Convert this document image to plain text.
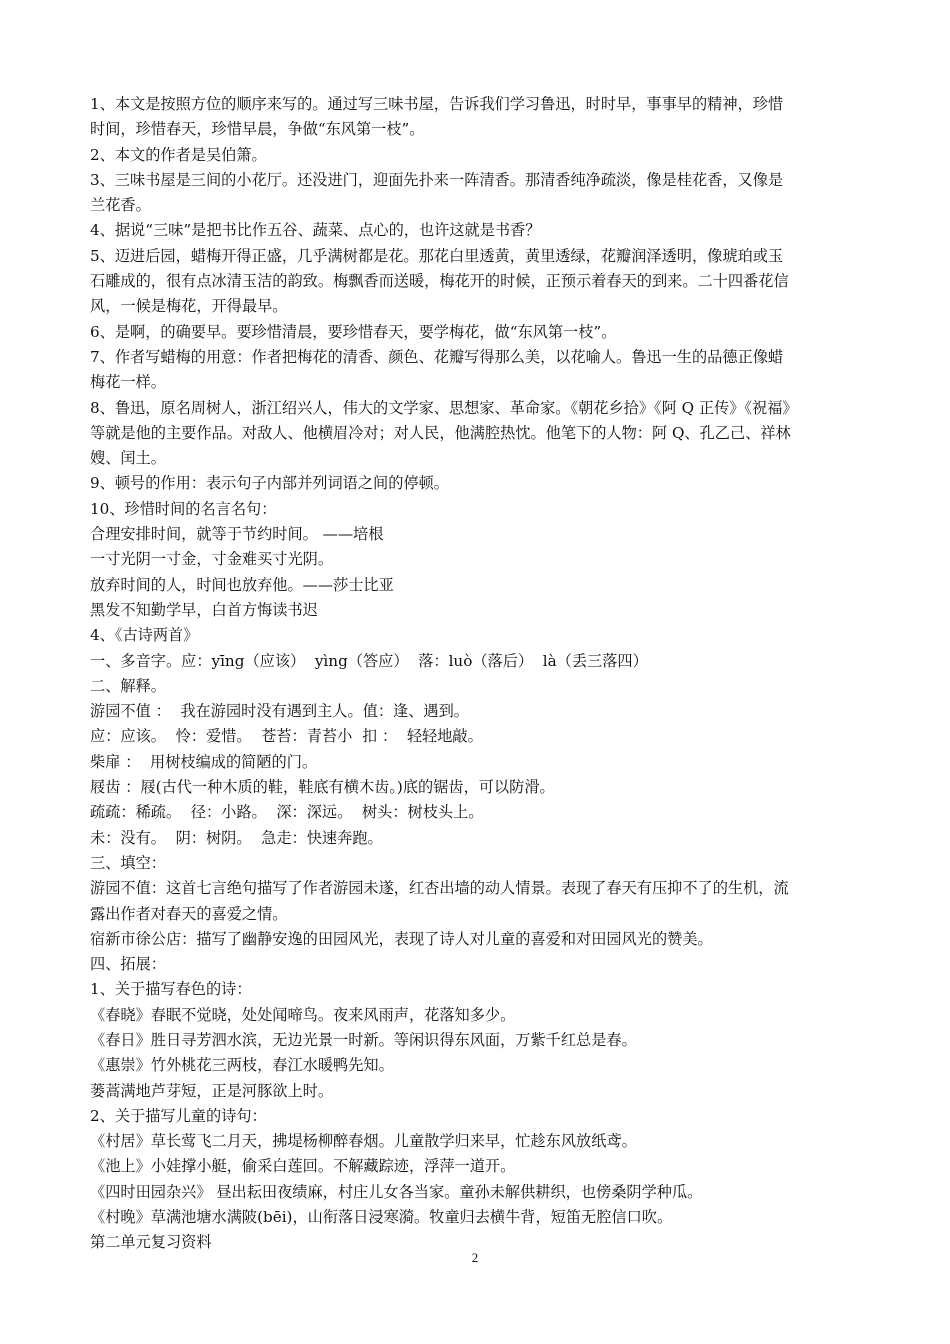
1、本文是按照方位的顺序来写的。通过写三味书屋，告诉我们学习鲁迅，时时早，事事早的精神，珍惜
时间，珍惜春天，珍惜早晨，争做“东风第一枝”。
2、本文的作者是吴伯箫。
3、三味书屋是三间的小花厅。还没进门，迎面先扑来一阵清香。那清香纯净疏淡，像是桂花香，又像是
兰花香。
4、据说“三味”是把书比作五谷、蔬菜、点心的，也许这就是书香？
5、迈进后园，蜡梅开得正盛，几乎满树都是花。那花白里透黄，黄里透绿，花瓣润泽透明，像琥珀或玉
石雕成的，很有点冰清玉洁的韵致。梅飘香而送暖，梅花开的时候，正预示着春天的到来。二十四番花信
风，一候是梅花，开得最早。
6、是啊，的确要早。要珍惜清晨，要珍惜春天，要学梅花，做“东风第一枝”。
7、作者写蜡梅的用意：作者把梅花的清香、颜色、花瓣写得那么美，以花喻人。鲁迅一生的品德正像蜡
梅花一样。
8、鲁迅，原名周树人，浙江绍兴人，伟大的文学家、思想家、革命家。《朝花乡拾》《阿 Q 正传》《祝福》
等就是他的主要作品。对敌人、他横眉冷对；对人民，他满腔热忱。他笔下的人物：阿 Q、孔乙己、祥林
嫂、闰土。
9、顿号的作用：表示句子内部并列词语之间的停顿。
10、珍惜时间的名言名句：
合理安排时间，就等于节约时间。 ——培根
一寸光阴一寸金，寸金难买寸光阴。
放弃时间的人，时间也放弃他。——莎士比亚
黑发不知勤学早，白首方悔读书迟
4、《古诗两首》
一、多音字。应：yīng（应该）  yìng（答应）  落：luò（落后）  là（丢三落四）
二、解释。
游园不值 ：  我在游园时没有遇到主人。值：逢、遇到。
应：应该。  怜：爱惜。  苍苔：青苔小  扣 ：  轻轻地敲。
柴扉 ：  用树枝编成的简陋的门。
屐齿 ：屐(古代一种木质的鞋，鞋底有横木齿。)底的锯齿，可以防滑。
疏疏：稀疏。  径：小路。  深：深远。  树头：树枝头上。
未：没有。  阴：树阴。  急走：快速奔跑。
三、填空：
游园不值：这首七言绝句描写了作者游园未遂，红杏出墙的动人情景。表现了春天有压抑不了的生机，流
露出作者对春天的喜爱之情。
宿新市徐公店：描写了幽静安逸的田园风光，表现了诗人对儿童的喜爱和对田园风光的赞美。
四、拓展：
1、关于描写春色的诗：
《春晓》春眠不觉晓，处处闻啼鸟。夜来风雨声，花落知多少。
《春日》胜日寻芳泗水滨，无边光景一时新。等闲识得东风面，万紫千红总是春。
《惠崇》竹外桃花三两枝，春江水暖鸭先知。
蒌蒿满地芦芽短，正是河豚欲上时。
2、关于描写儿童的诗句：
《村居》草长莺飞二月天，拂堤杨柳醉春烟。儿童散学归来早，忙趁东风放纸鸢。
《池上》小娃撑小艇，偷采白莲回。不解藏踪迹，浮萍一道开。
《四时田园杂兴》 昼出耘田夜绩麻，村庄儿女各当家。童孙未解供耕织，也傍桑阴学种瓜。
《村晚》草满池塘水满陂(bēi)，山衔落日浸寒漪。牧童归去横牛背，短笛无腔信口吹。
第二单元复习资料
2
